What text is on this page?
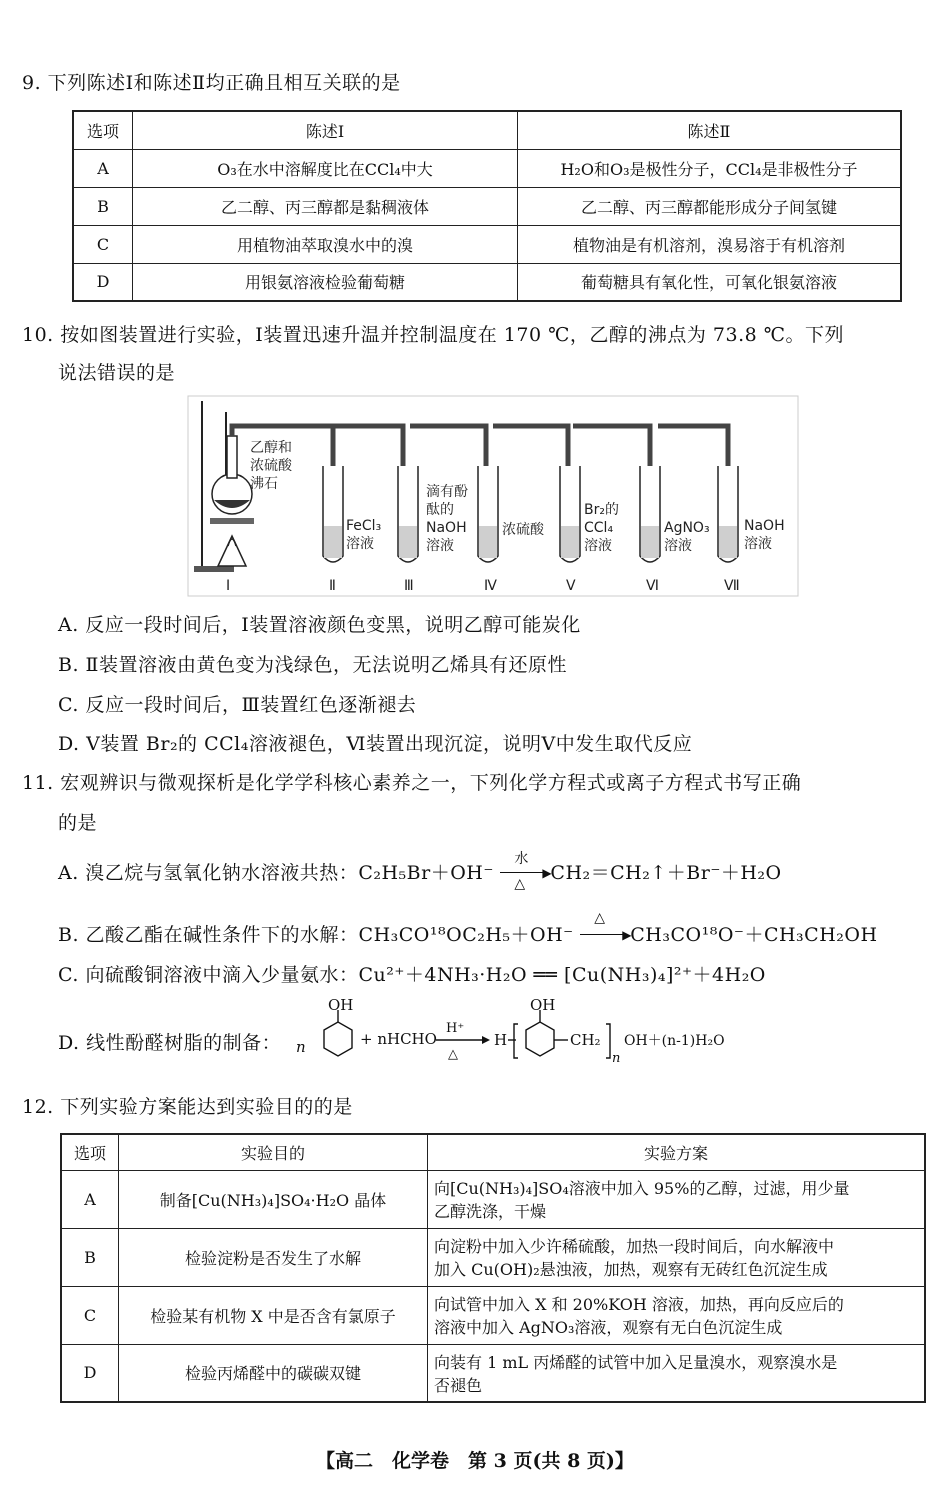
9. 下列陈述Ⅰ和陈述Ⅱ均正确且相互关联的是
选项	陈述Ⅰ	陈述Ⅱ
A	O₃在水中溶解度比在CCl₄中大	H₂O和O₃是极性分子，CCl₄是非极性分子
B	乙二醇、丙三醇都是黏稠液体	乙二醇、丙三醇都能形成分子间氢键
C	用植物油萃取溴水中的溴	植物油是有机溶剂，溴易溶于有机溶剂
D	用银氨溶液检验葡萄糖	葡萄糖具有氧化性，可氧化银氨溶液
10. 按如图装置进行实验，Ⅰ装置迅速升温并控制温度在 170 ℃，乙醇的沸点为 73.8 ℃。下列
说法错误的是
乙醇和
浓硫酸
沸石
FeCl₃
溶液
滴有酚
酞的
NaOH
溶液
浓硫酸
Br₂的
CCl₄
溶液
AgNO₃
溶液
NaOH
溶液
Ⅰ	Ⅱ	Ⅲ	Ⅳ	Ⅴ	Ⅵ	Ⅶ
A. 反应一段时间后，Ⅰ装置溶液颜色变黑，说明乙醇可能炭化
B. Ⅱ装置溶液由黄色变为浅绿色，无法说明乙烯具有还原性
C. 反应一段时间后，Ⅲ装置红色逐渐褪去
D. Ⅴ装置 Br₂的 CCl₄溶液褪色，Ⅵ装置出现沉淀，说明Ⅴ中发生取代反应
11. 宏观辨识与微观探析是化学学科核心素养之一，下列化学方程式或离子方程式书写正确
的是
A. 溴乙烷与氢氧化钠水溶液共热：C₂H₅Br＋OH⁻
水
▶
△ CH₂＝CH₂↑＋Br⁻＋H₂O
B. 乙酸乙酯在碱性条件下的水解：CH₃CO¹⁸OC₂H₅＋OH⁻
△
▶
CH₃CO¹⁸O⁻＋CH₃CH₂OH
C. 向硫酸铜溶液中滴入少量氨水：Cu²⁺＋4NH₃·H₂O ══ [Cu(NH₃)₄]²⁺＋4H₂O
D. 线性酚醛树脂的制备： n
OH
+ nHCHO
H⁺
△
H
OH
CH₂
n
OH＋(n-1)H₂O
12. 下列实验方案能达到实验目的的是
选项	实验目的	实验方案
A	制备[Cu(NH₃)₄]SO₄·H₂O 晶体	向[Cu(NH₃)₄]SO₄溶液中加入 95%的乙醇，过滤，用少量
乙醇洗涤，干燥

B	检验淀粉是否发生了水解	向淀粉中加入少许稀硫酸，加热一段时间后，向水解液中
加入 Cu(OH)₂悬浊液，加热，观察有无砖红色沉淀生成

C	检验某有机物 X 中是否含有氯原子	向试管中加入 X 和 20%KOH 溶液，加热，再向反应后的
溶液中加入 AgNO₃溶液，观察有无白色沉淀生成

D	检验丙烯醛中的碳碳双键	向装有 1 mL 丙烯醛的试管中加入足量溴水，观察溴水是
否褪色
【高二　化学卷　第 3 页(共 8 页)】
